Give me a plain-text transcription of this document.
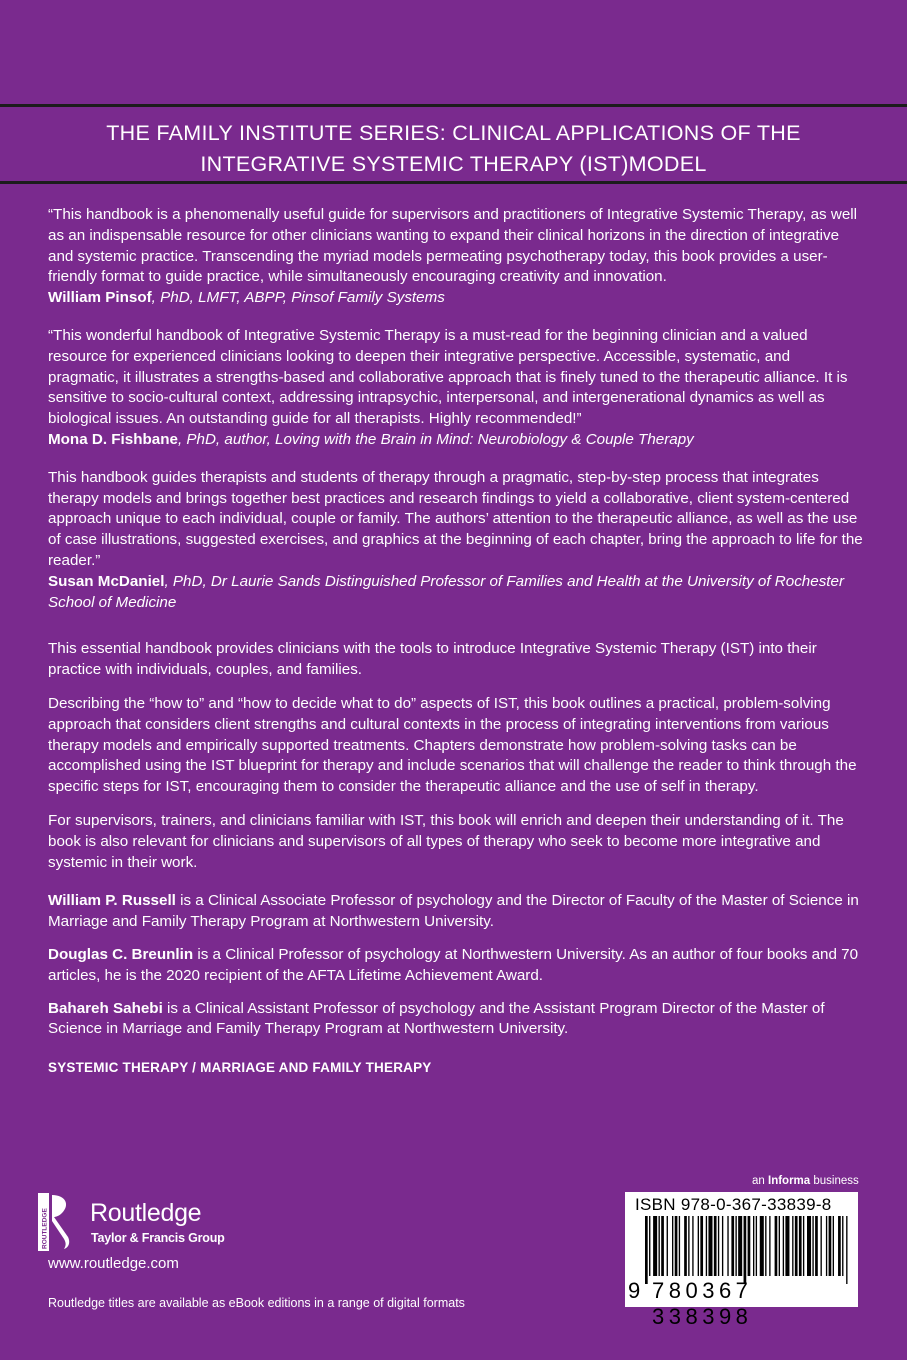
THE FAMILY INSTITUTE SERIES: CLINICAL APPLICATIONS OF THE
INTEGRATIVE SYSTEMIC THERAPY (IST)MODEL

“This handbook is a phenomenally useful guide for supervisors and practitioners of Integrative Systemic Therapy, as well as an indispensable resource for other clinicians wanting to expand their clinical horizons in the direction of integrative and systemic practice. Transcending the myriad models permeating psychotherapy today, this book provides a user-friendly format to guide practice, while simultaneously encouraging creativity and innovation.
William Pinsof, PhD, LMFT, ABPP, Pinsof Family Systems

“This wonderful handbook of Integrative Systemic Therapy is a must-read for the beginning clinician and a valued resource for experienced clinicians looking to deepen their integrative perspective. Accessible, systematic, and pragmatic, it illustrates a strengths-based and collaborative approach that is finely tuned to the therapeutic alliance. It is sensitive to socio-cultural context, addressing intrapsychic, interpersonal, and intergenerational dynamics as well as biological issues. An outstanding guide for all therapists. Highly recommended!”
Mona D. Fishbane, PhD, author, Loving with the Brain in Mind: Neurobiology & Couple Therapy

This handbook guides therapists and students of therapy through a pragmatic, step-by-step process that integrates therapy models and brings together best practices and research findings to yield a collaborative, client system-centered approach unique to each individual, couple or family. The authors’ attention to the therapeutic alliance, as well as the use of case illustrations, suggested exercises, and graphics at the beginning of each chapter, bring the approach to life for the reader.”
Susan McDaniel, PhD, Dr Laurie Sands Distinguished Professor of Families and Health at the University of Rochester School of Medicine

This essential handbook provides clinicians with the tools to introduce Integrative Systemic Therapy (IST) into their practice with individuals, couples, and families.

Describing the “how to” and “how to decide what to do” aspects of IST, this book outlines a practical, problem-solving approach that considers client strengths and cultural contexts in the process of integrating interventions from various therapy models and empirically supported treatments. Chapters demonstrate how problem-solving tasks can be accomplished using the IST blueprint for therapy and include scenarios that will challenge the reader to think through the specific steps for IST, encouraging them to consider the therapeutic alliance and the use of self in therapy.

For supervisors, trainers, and clinicians familiar with IST, this book will enrich and deepen their understanding of it. The book is also relevant for clinicians and supervisors of all types of therapy who seek to become more integrative and systemic in their work.

William P. Russell is a Clinical Associate Professor of psychology and the Director of Faculty of the Master of Science in Marriage and Family Therapy Program at Northwestern University.

Douglas C. Breunlin is a Clinical Professor of psychology at Northwestern University. As an author of four books and 70 articles, he is the 2020 recipient of the AFTA Lifetime Achievement Award.

Bahareh Sahebi is a Clinical Assistant Professor of psychology and the Assistant Program Director of the Master of Science in Marriage and Family Therapy Program at Northwestern University.

SYSTEMIC THERAPY / MARRIAGE AND FAMILY THERAPY

an Informa business
ROUTLEDGE Routledge
Taylor & Francis Group
www.routledge.com
Routledge titles are available as eBook editions in a range of digital formats
ISBN 978-0-367-33839-8
9 780367 338398
